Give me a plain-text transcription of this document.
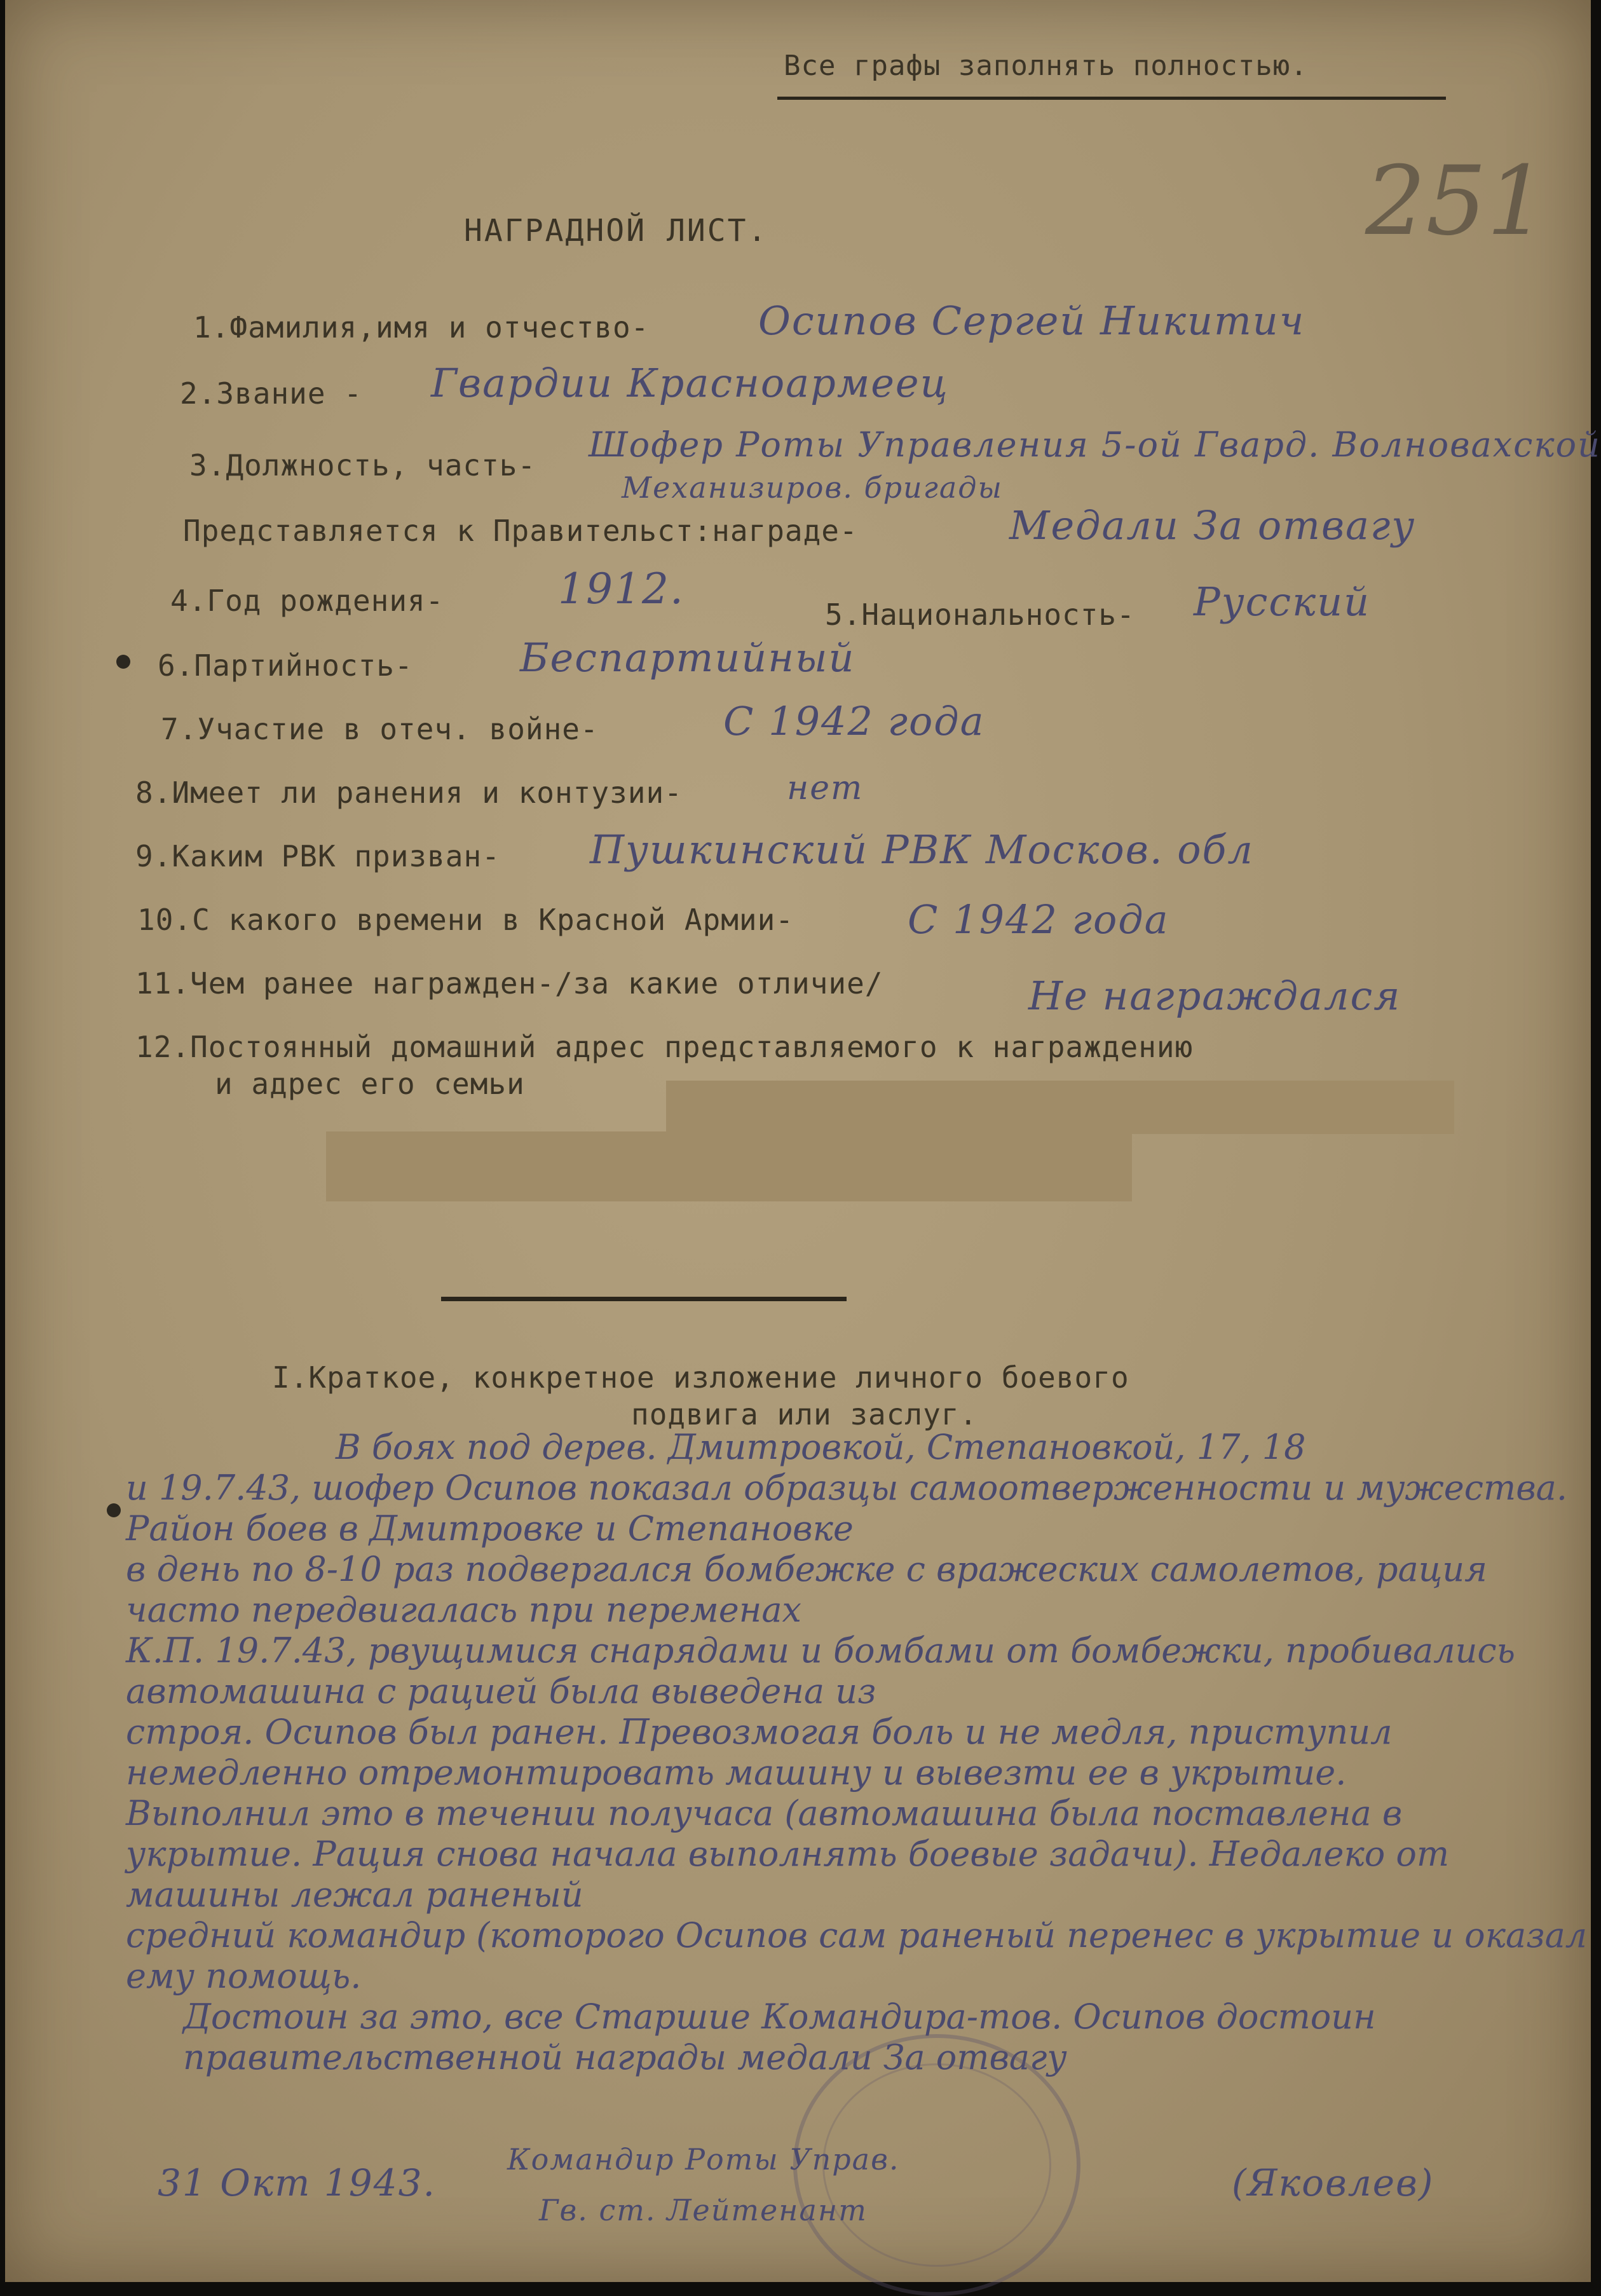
Все графы заполнять полностью.
251
НАГРАДНОЙ ЛИСТ.
1.Фамилия,имя и отчество-	Осипов Сергей Никитич
2.Звание - Гвардии Красноармеец
3.Должность, часть-
Шофер Роты Управления 5-ой Гвард. Волновахской
Механизиров. бригады
Представляется к Правительст:награде-	Медали За отвагу
4.Год рождения-	1912.
5.Национальность- Русский
6.Партийность-	Беспартийный
7.Участие в отеч. войне-	С 1942 года
8.Имеет ли ранения и контузии-	нет
9.Каким РВК призван- Пушкинский РВК Москов. обл
10.С какого времени в Красной Армии-	С 1942 года
11.Чем ранее награжден-/за какие отличие/	Не награждался
12.Постоянный домашний адрес представляемого к награждению
и адрес его семьи
I.Краткое, конкретное изложение личного боевого
подвига или заслуг.

В боях под дерев. Дмитровкой, Степановкой, 17, 18

и 19.7.43, шофер Осипов показал образцы самоотверженности и мужества. Район боев в Дмитровке и Степановке

в день по 8-10 раз подвергался бомбежке с вражеских самолетов, рация часто передвигалась при переменах

К.П. 19.7.43, рвущимися снарядами и бомбами от бомбежки, пробивались автомашина с рацией была выведена из

строя. Осипов был ранен. Превозмогая боль и не медля, приступил немедленно отремонтировать машину и вывезти ее в укрытие.

Выполнил это в течении получаса (автомашина была поставлена в укрытие. Рация снова начала выполнять боевые задачи). Недалеко от машины лежал раненый

средний командир (которого Осипов сам раненый перенес в укрытие и оказал ему помощь.

Достоин за это, все Старшие Командира-тов. Осипов достоин правительственной награды медали За отвагу

31 Окт 1943.
Командир Роты Управ.
Гв. ст. Лейтенант
(Яковлев)
